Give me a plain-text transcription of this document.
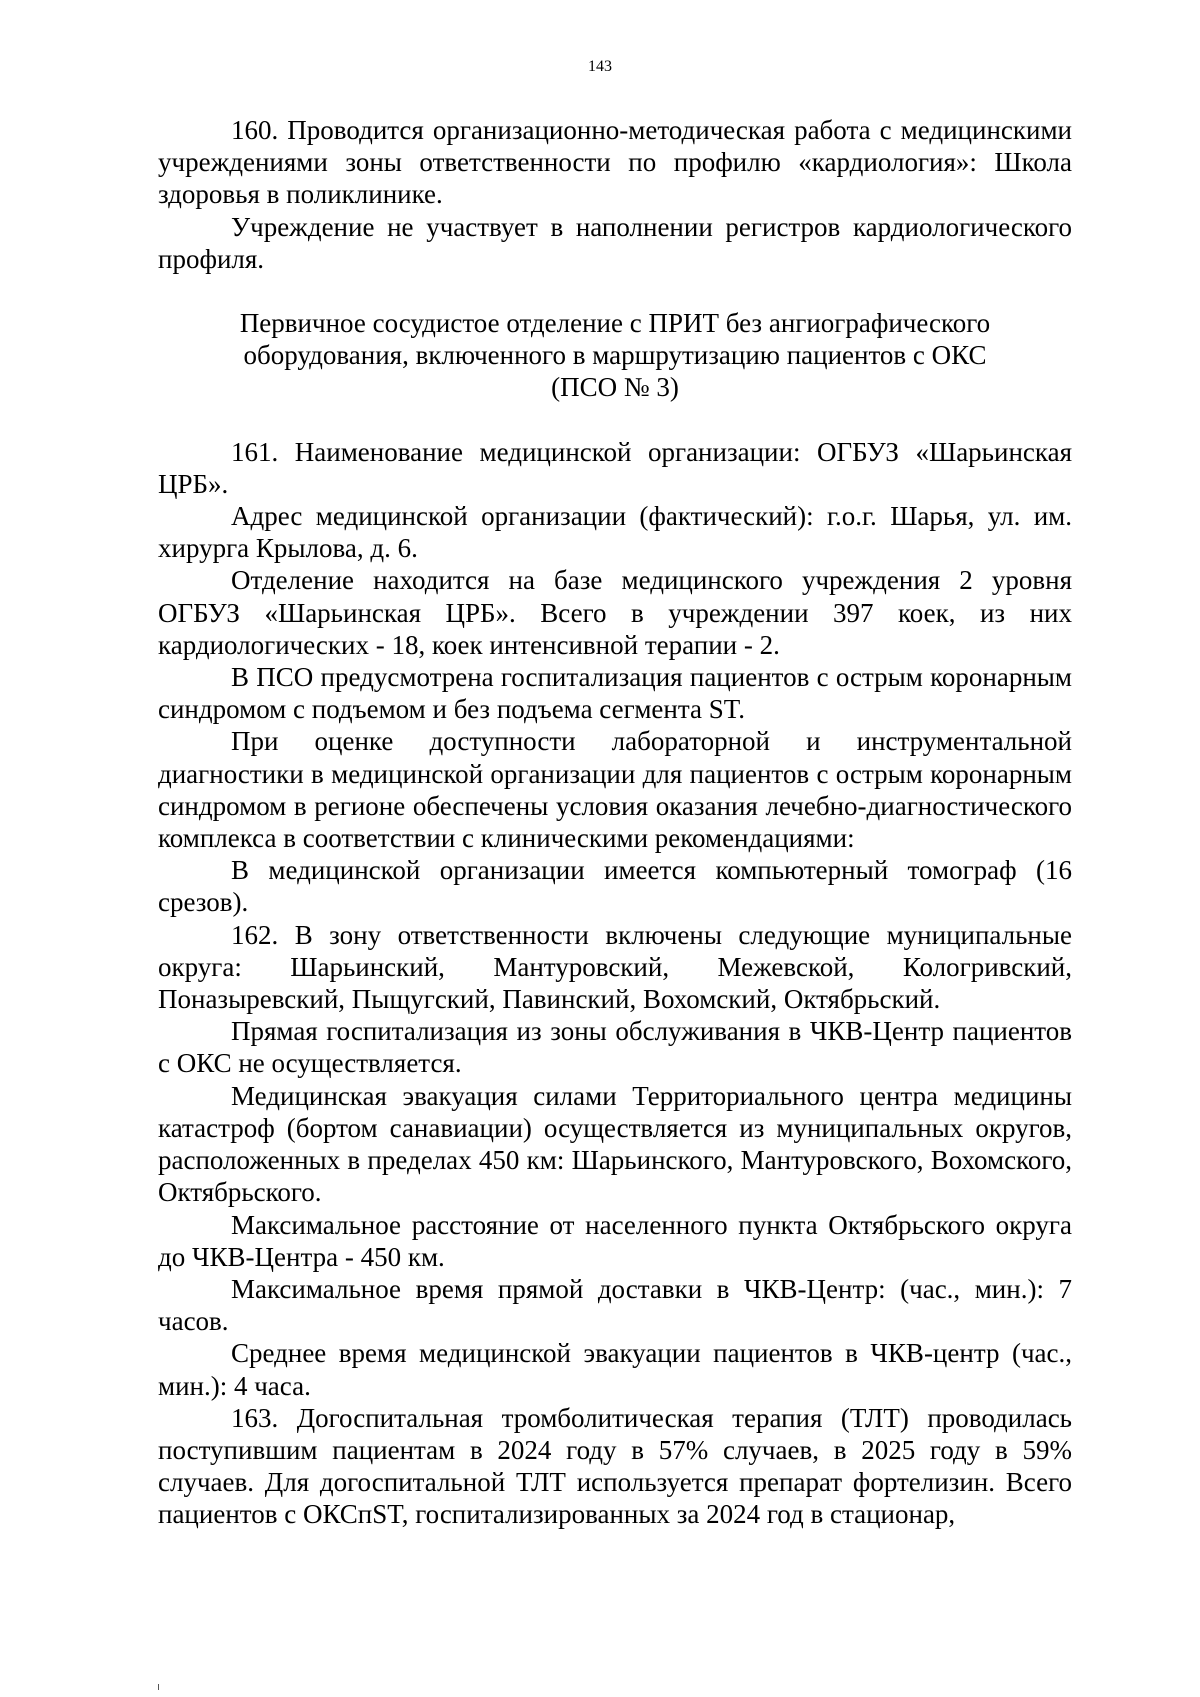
143

160. Проводится организационно-методическая работа с медицинскими учреждениями зоны ответственности по профилю «кардиология»: Школа здоровья в поликлинике.

Учреждение не участвует в наполнении регистров кардиологического профиля.

Первичное сосудистое отделение с ПРИТ без ангиографического

оборудования, включенного в маршрутизацию пациентов с ОКС

(ПСО № 3)

161. Наименование медицинской организации: ОГБУЗ «Шарьинская ЦРБ».

Адрес медицинской организации (фактический): г.о.г. Шарья, ул. им. хирурга Крылова, д. 6.

Отделение находится на базе медицинского учреждения 2 уровня ОГБУЗ «Шарьинская ЦРБ». Всего в учреждении 397 коек, из них кардиологических - 18, коек интенсивной терапии - 2.

В ПСО предусмотрена госпитализация пациентов с острым коронарным синдромом с подъемом и без подъема сегмента ST.

При оценке доступности лабораторной и инструментальной диагностики в медицинской организации для пациентов с острым коронарным синдромом в регионе обеспечены условия оказания лечебно-диагностического комплекса в соответствии с клиническими рекомендациями:

В медицинской организации имеется компьютерный томограф (16 срезов).

162. В зону ответственности включены следующие муниципальные округа: Шарьинский, Мантуровский, Межевской, Кологривский, Поназыревский, Пыщугский, Павинский, Вохомский, Октябрьский.

Прямая госпитализация из зоны обслуживания в ЧКВ-Центр пациентов с ОКС не осуществляется.

Медицинская эвакуация силами Территориального центра медицины катастроф (бортом санавиации) осуществляется из муниципальных округов, расположенных в пределах 450 км: Шарьинского, Мантуровского, Вохомского, Октябрьского.

Максимальное расстояние от населенного пункта Октябрьского округа до ЧКВ-Центра - 450 км.

Максимальное время прямой доставки в ЧКВ-Центр: (час., мин.): 7 часов.

Среднее время медицинской эвакуации пациентов в ЧКВ-центр (час., мин.): 4 часа.

163. Догоспитальная тромболитическая терапия (ТЛТ) проводилась поступившим пациентам в 2024 году в 57% случаев, в 2025 году в 59% случаев. Для догоспитальной ТЛТ используется препарат фортелизин. Всего пациентов с ОКСпST, госпитализированных за 2024 год в стационар,
